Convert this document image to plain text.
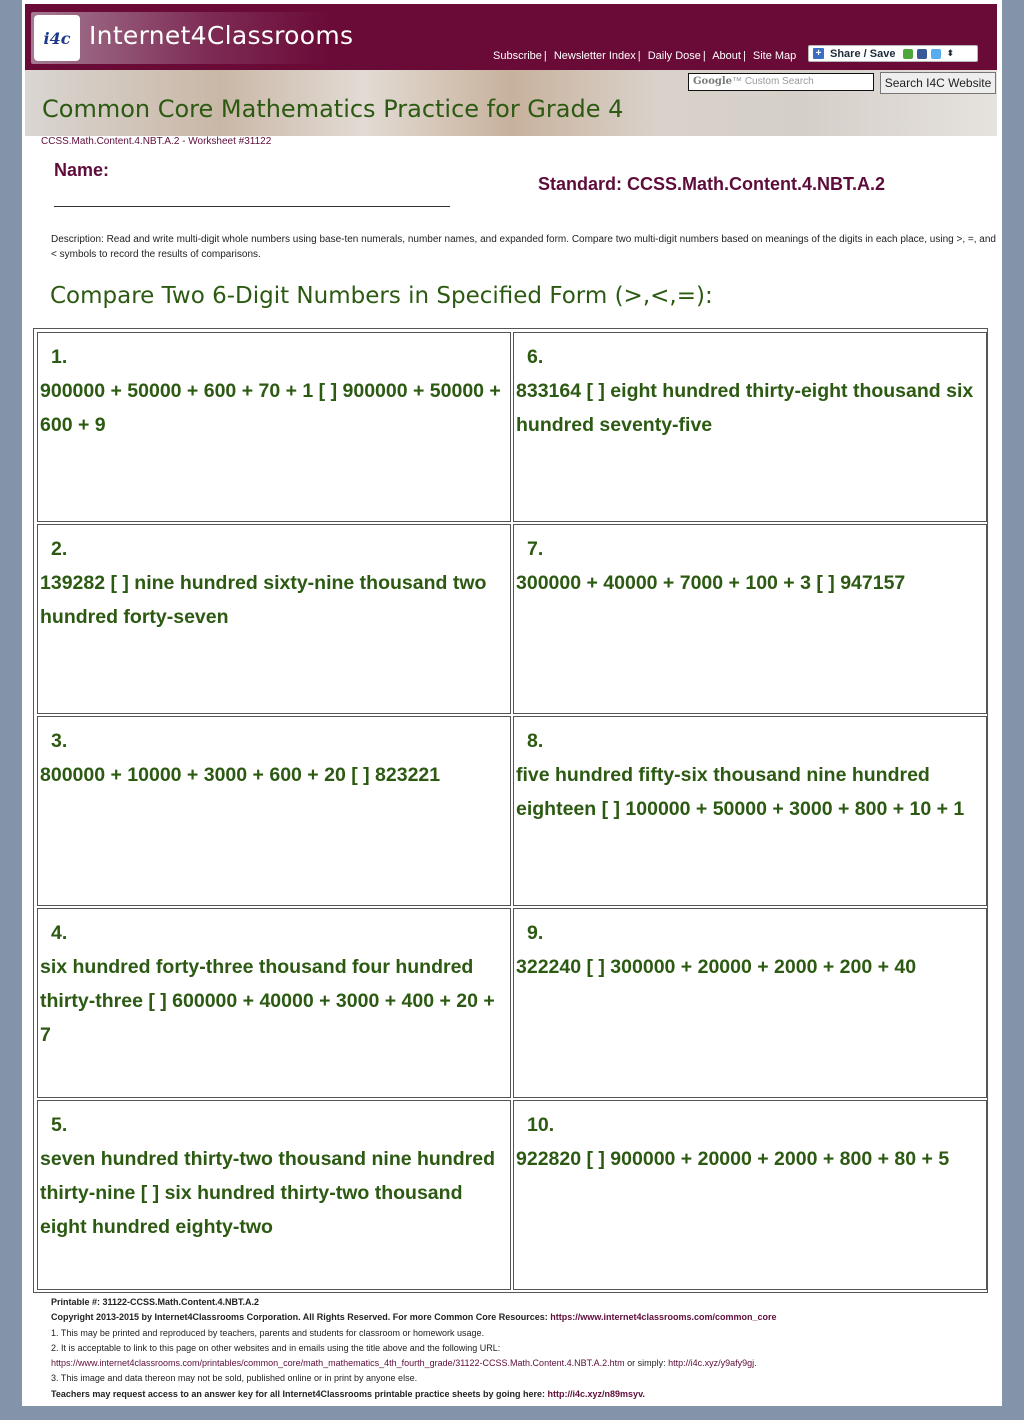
i4c Internet4Classrooms
Subscribe | Newsletter Index | Daily Dose | About | Site Map + Share / Save	⬍
Google™ Custom Search	Search I4C Website
Common Core Mathematics Practice for Grade 4
CCSS.Math.Content.4.NBT.A.2 - Worksheet #31122
Name:
Standard: CCSS.Math.Content.4.NBT.A.2
Description: Read and write multi-digit whole numbers using base-ten numerals, number names, and expanded form. Compare two multi-digit numbers based on meanings of the digits in each place, using >, =, and < symbols to record the results of comparisons.
Compare Two 6-Digit Numbers in Specified Form (>,<,=):
1.
900000 + 50000 + 600 + 70 + 1 [ ] 900000 + 50000 + 600 + 9
2.
139282 [ ] nine hundred sixty-nine thousand two hundred forty-seven
3.
800000 + 10000 + 3000 + 600 + 20 [ ] 823221
4.
six hundred forty-three thousand four hundred thirty-three [ ] 600000 + 40000 + 3000 + 400 + 20 + 7
5.
seven hundred thirty-two thousand nine hundred thirty-nine [ ] six hundred thirty-two thousand eight hundred eighty-two
6.
833164 [ ] eight hundred thirty-eight thousand six hundred seventy-five
7.
300000 + 40000 + 7000 + 100 + 3 [ ] 947157
8.
five hundred fifty-six thousand nine hundred eighteen [ ] 100000 + 50000 + 3000 + 800 + 10 + 1
9.
322240 [ ] 300000 + 20000 + 2000 + 200 + 40
10.
922820 [ ] 900000 + 20000 + 2000 + 800 + 80 + 5
Printable #: 31122-CCSS.Math.Content.4.NBT.A.2
Copyright 2013-2015 by Internet4Classrooms Corporation. All Rights Reserved. For more Common Core Resources: https://www.internet4classrooms.com/common_core
1. This may be printed and reproduced by teachers, parents and students for classroom or homework usage.
2. It is acceptable to link to this page on other websites and in emails using the title above and the following URL:
https://www.internet4classrooms.com/printables/common_core/math_mathematics_4th_fourth_grade/31122-CCSS.Math.Content.4.NBT.A.2.htm or simply: http://i4c.xyz/y9afy9gj.
3. This image and data thereon may not be sold, published online or in print by anyone else.
Teachers may request access to an answer key for all Internet4Classrooms printable practice sheets by going here: http://i4c.xyz/n89msyv.
